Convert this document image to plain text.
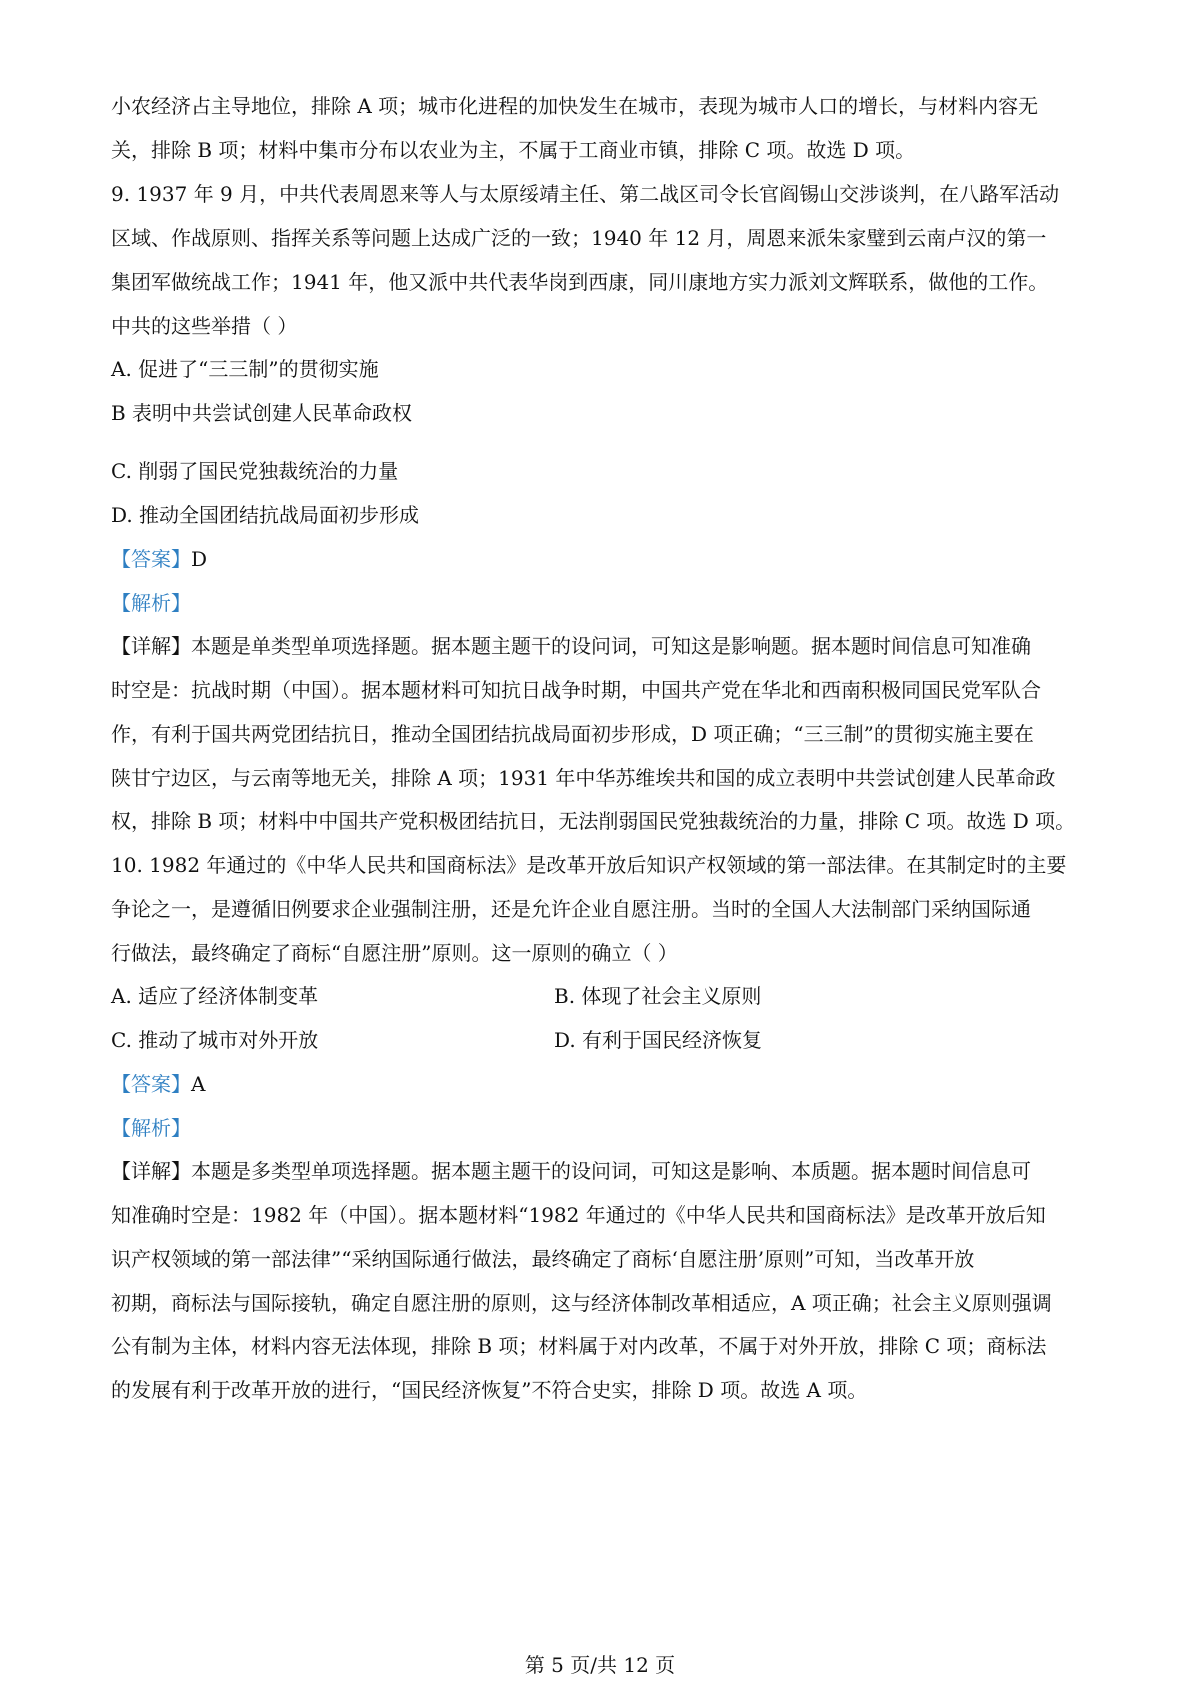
小农经济占主导地位，排除 A 项；城市化进程的加快发生在城市，表现为城市人口的增长，与材料内容无
关，排除 B 项；材料中集市分布以农业为主，不属于工商业市镇，排除 C 项。故选 D 项。
9. 1937 年 9 月，中共代表周恩来等人与太原绥靖主任、第二战区司令长官阎锡山交涉谈判，在八路军活动
区域、作战原则、指挥关系等问题上达成广泛的一致；1940 年 12 月，周恩来派朱家璧到云南卢汉的第一
集团军做统战工作；1941 年，他又派中共代表华岗到西康，同川康地方实力派刘文辉联系，做他的工作。
中共的这些举措（ ）
A. 促进了“三三制”的贯彻实施
B 表明中共尝试创建人民革命政权
C. 削弱了国民党独裁统治的力量
D. 推动全国团结抗战局面初步形成
【答案】D
【解析】
【详解】本题是单类型单项选择题。据本题主题干的设问词，可知这是影响题。据本题时间信息可知准确
时空是：抗战时期（中国）。据本题材料可知抗日战争时期，中国共产党在华北和西南积极同国民党军队合
作，有利于国共两党团结抗日，推动全国团结抗战局面初步形成，D 项正确；“三三制”的贯彻实施主要在
陕甘宁边区，与云南等地无关，排除 A 项；1931 年中华苏维埃共和国的成立表明中共尝试创建人民革命政
权，排除 B 项；材料中中国共产党积极团结抗日，无法削弱国民党独裁统治的力量，排除 C 项。故选 D 项。
10. 1982 年通过的《中华人民共和国商标法》是改革开放后知识产权领域的第一部法律。在其制定时的主要
争论之一，是遵循旧例要求企业强制注册，还是允许企业自愿注册。当时的全国人大法制部门采纳国际通
行做法，最终确定了商标“自愿注册”原则。这一原则的确立（ ）
A. 适应了经济体制变革	B. 体现了社会主义原则
C. 推动了城市对外开放	D. 有利于国民经济恢复
【答案】A
【解析】
【详解】本题是多类型单项选择题。据本题主题干的设问词，可知这是影响、本质题。据本题时间信息可
知准确时空是：1982 年（中国）。据本题材料“1982 年通过的《中华人民共和国商标法》是改革开放后知
识产权领域的第一部法律”“采纳国际通行做法，最终确定了商标‘自愿注册’原则”可知，当改革开放
初期，商标法与国际接轨，确定自愿注册的原则，这与经济体制改革相适应，A 项正确；社会主义原则强调
公有制为主体，材料内容无法体现，排除 B 项；材料属于对内改革，不属于对外开放，排除 C 项；商标法
的发展有利于改革开放的进行，“国民经济恢复”不符合史实，排除 D 项。故选 A 项。
第 5 页/共 12 页
